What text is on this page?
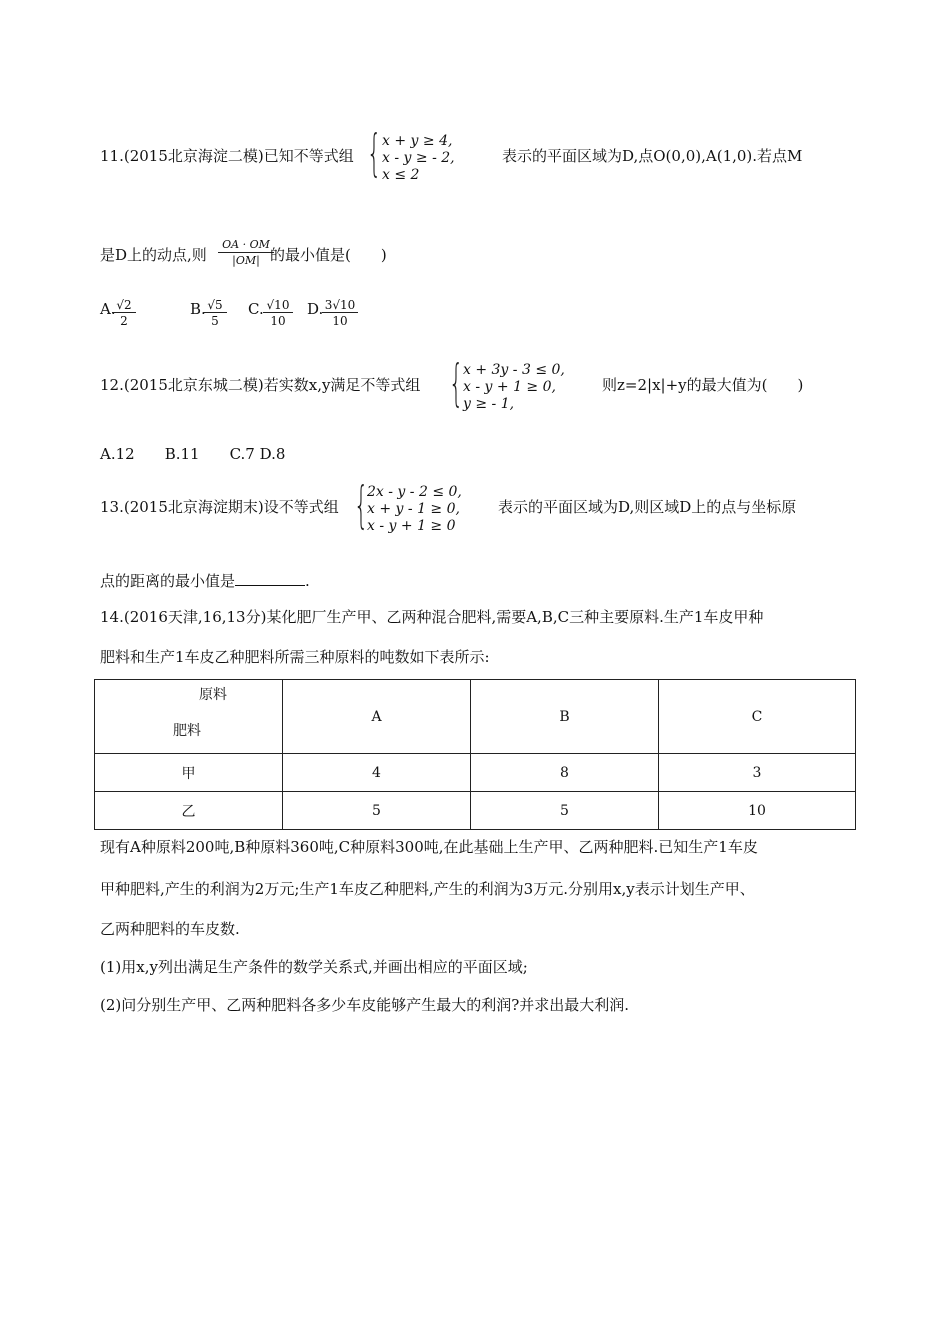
11.(2015北京海淀二模)已知不等式组 { x + y ≥ 4,
x - y ≥ - 2,
x ≤ 2
表示的平面区域为D,点O(0,0),A(1,0).若点M
是D上的动点,则 $\frac{OA \cdot OM}{|OM|}$
的最小值是(　　)
A.
$\frac{√2}{2}$	B.
$\frac{√5}{5} C$. $\frac{√10}{10} D$.
$\frac{3√10}{10}$
12.(2015北京东城二模)若实数x,y满足不等式组 { x + 3y - 3 ≤ 0,
x - y + 1 ≥ 0,
y ≥ - 1,
则z=2|x|+y的最大值为(　　)
A.12　　B.11　　C.7 D.8
13.(2015北京海淀期末)设不等式组 {
2x - y - 2 ≤ 0,
x + y - 1 ≥ 0,
x - y + 1 ≥ 0
表示的平面区域为D,则区域D上的点与坐标原
点的距离的最小值是	.
14.(2016天津,16,13分)某化肥厂生产甲、乙两种混合肥料,需要A,B,C三种主要原料.生产1车皮甲种
肥料和生产1车皮乙种肥料所需三种原料的吨数如下表所示:
原料
肥料	A	B	C
甲	4	8	3
乙	5	5	10
现有A种原料200吨,B种原料360吨,C种原料300吨,在此基础上生产甲、乙两种肥料.已知生产1车皮
甲种肥料,产生的利润为2万元;生产1车皮乙种肥料,产生的利润为3万元.分别用x,y表示计划生产甲、
乙两种肥料的车皮数.
(1)用x,y列出满足生产条件的数学关系式,并画出相应的平面区域;
(2)问分别生产甲、乙两种肥料各多少车皮能够产生最大的利润?并求出最大利润.
